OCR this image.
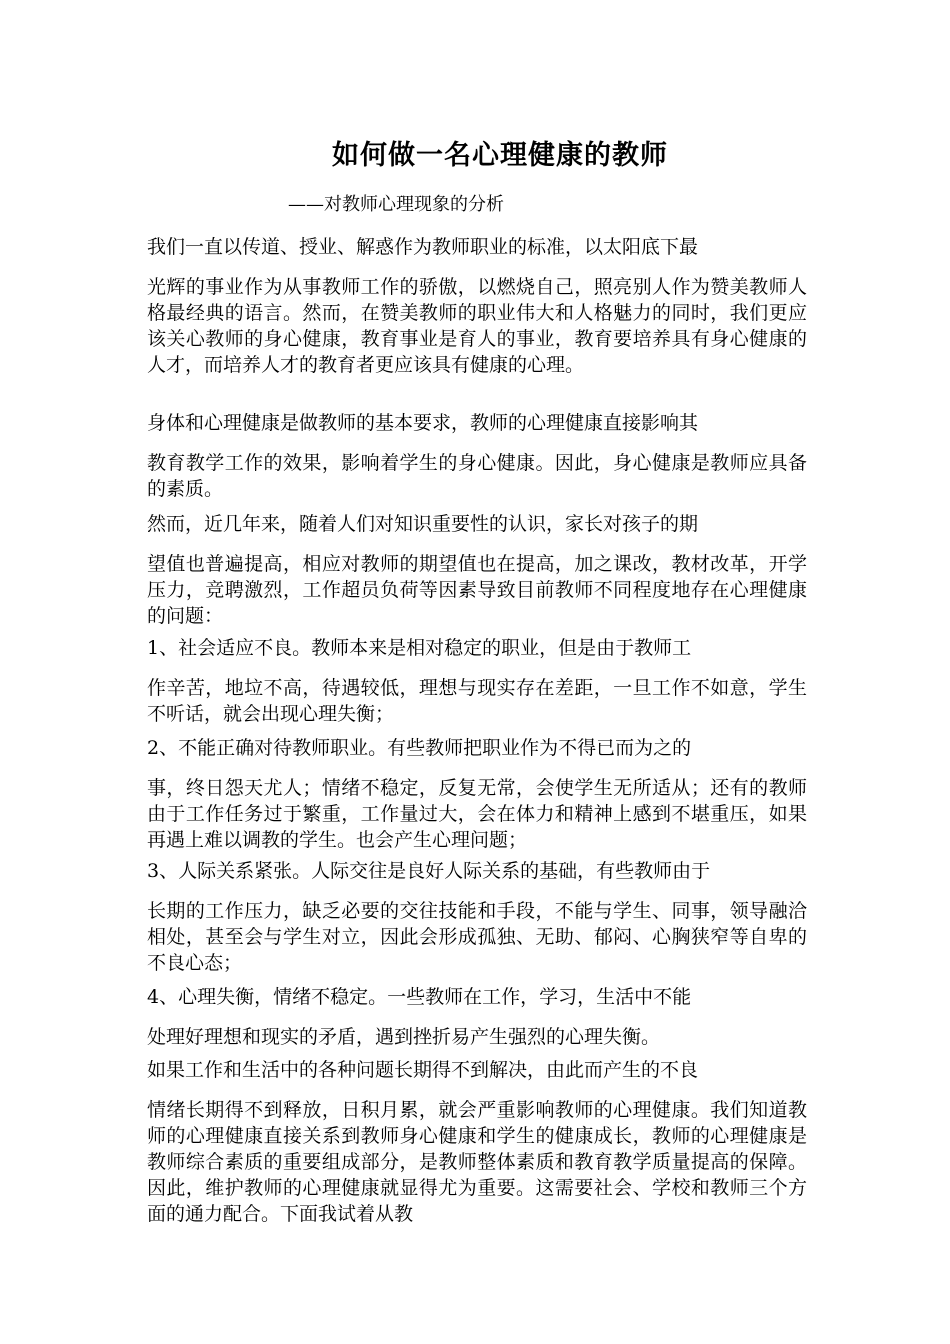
如何做一名心理健康的教师
——对教师心理现象的分析
我们一直以传道、授业、解惑作为教师职业的标准，以太阳底下最
光辉的事业作为从事教师工作的骄傲，以燃烧自己，照亮别人作为赞美教师人格最经典的语言。然而，在赞美教师的职业伟大和人格魅力的同时，我们更应该关心教师的身心健康，教育事业是育人的事业，教育要培养具有身心健康的人才，而培养人才的教育者更应该具有健康的心理。
身体和心理健康是做教师的基本要求，教师的心理健康直接影响其
教育教学工作的效果，影响着学生的身心健康。因此，身心健康是教师应具备的素质。
然而，近几年来，随着人们对知识重要性的认识，家长对孩子的期
望值也普遍提高，相应对教师的期望值也在提高，加之课改，教材改革，开学压力，竞聘激烈，工作超员负荷等因素导致目前教师不同程度地存在心理健康的问题：
1、社会适应不良。教师本来是相对稳定的职业，但是由于教师工
作辛苦，地垃不高，待遇较低，理想与现实存在差距，一旦工作不如意，学生不听话，就会出现心理失衡；
2、不能正确对待教师职业。有些教师把职业作为不得已而为之的
事，终日怨天尤人；情绪不稳定，反复无常，会使学生无所适从；还有的教师由于工作任务过于繁重，工作量过大，会在体力和精神上感到不堪重压，如果再遇上难以调教的学生。也会产生心理问题；
3、人际关系紧张。人际交往是良好人际关系的基础，有些教师由于
长期的工作压力，缺乏必要的交往技能和手段，不能与学生、同事，领导融洽相处，甚至会与学生对立，因此会形成孤独、无助、郁闷、心胸狭窄等自卑的不良心态；
4、心理失衡，情绪不稳定。一些教师在工作，学习，生活中不能
处理好理想和现实的矛盾，遇到挫折易产生强烈的心理失衡。
如果工作和生活中的各种问题长期得不到解决，由此而产生的不良
情绪长期得不到释放，日积月累，就会严重影响教师的心理健康。我们知道教师的心理健康直接关系到教师身心健康和学生的健康成长，教师的心理健康是教师综合素质的重要组成部分，是教师整体素质和教育教学质量提高的保障。因此，维护教师的心理健康就显得尤为重要。这需要社会、学校和教师三个方面的通力配合。下面我试着从教
